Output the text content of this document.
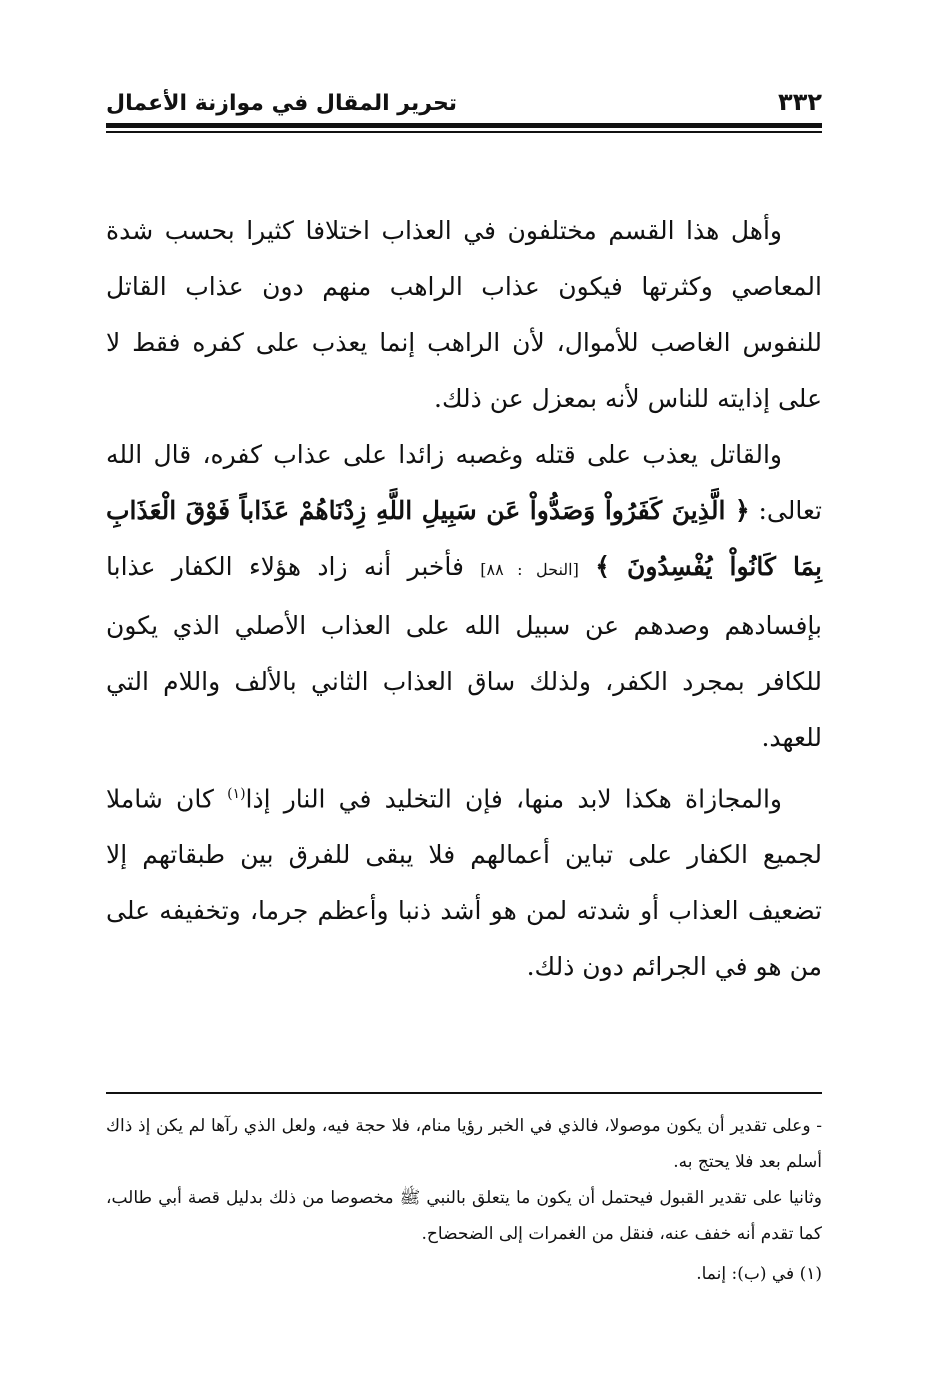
٣٣٢
تحرير المقال في موازنة الأعمال

وأهل هذا القسم مختلفون في العذاب اختلافا كثيرا بحسب شدة المعاصي وكثرتها فيكون عذاب الراهب منهم دون عذاب القاتل للنفوس الغاصب للأموال، لأن الراهب إنما يعذب على كفره فقط لا على إذايته للناس لأنه بمعزل عن ذلك.

والقاتل يعذب على قتله وغصبه زائدا على عذاب كفره، قال الله تعالى: ﴿ الَّذِينَ كَفَرُواْ وَصَدُّواْ عَن سَبِيلِ اللَّهِ زِدْنَاهُمْ عَذَاباً فَوْقَ الْعَذَابِ بِمَا كَانُواْ يُفْسِدُونَ ﴾ [النحل : ٨٨] فأخبر أنه زاد هؤلاء الكفار عذابا بإفسادهم وصدهم عن سبيل الله على العذاب الأصلي الذي يكون للكافر بمجرد الكفر، ولذلك ساق العذاب الثاني بالألف واللام التي للعهد.

والمجازاة هكذا لابد منها، فإن التخليد في النار إذا$^{(١)}$ كان شاملا لجميع الكفار على تباين أعمالهم فلا يبقى للفرق بين طبقاتهم إلا تضعيف العذاب أو شدته لمن هو أشد ذنبا وأعظم جرما، وتخفيفه على من هو في الجرائم دون ذلك.

- وعلى تقدير أن يكون موصولا، فالذي في الخبر رؤيا منام، فلا حجة فيه، ولعل الذي رآها لم يكن إذ ذاك أسلم بعد فلا يحتج به.

وثانيا على تقدير القبول فيحتمل أن يكون ما يتعلق بالنبي ﷺ مخصوصا من ذلك بدليل قصة أبي طالب، كما تقدم أنه خفف عنه، فنقل من الغمرات إلى الضحضاح.

(١) في (ب): إنما.
